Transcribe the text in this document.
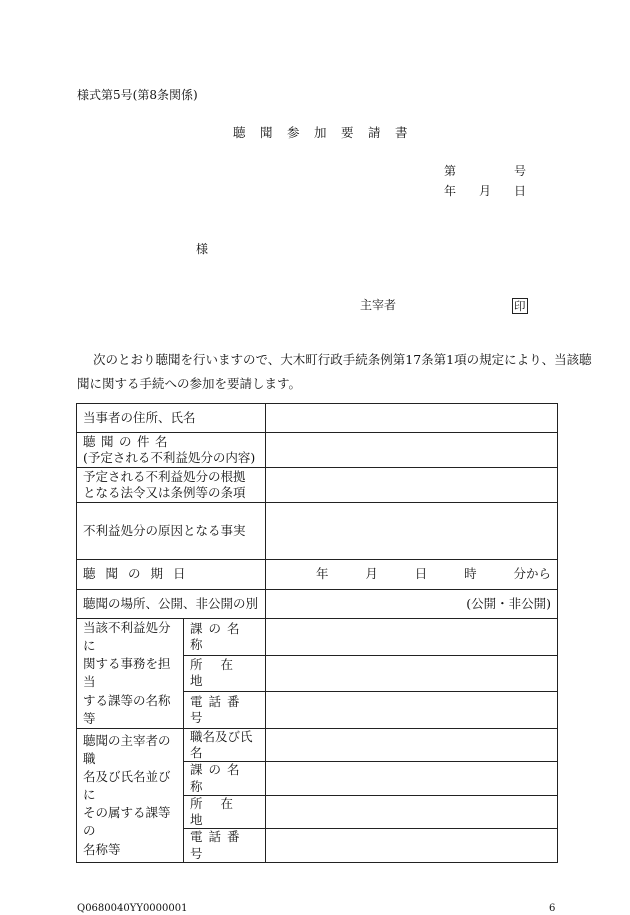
様式第5号(第8条関係)
聴　聞　参　加　要　請　書
第	号
年 月 日
様
主宰者	印
次のとおり聴聞を行いますので、大木町行政手続条例第17条第1項の規定により、当該聴
聞に関する手続への参加を要請します。
当事者の住所、氏名		

聴聞の件名
(予定される不利益処分の内容)		

予定される不利益処分の根拠
となる法令又は条例等の条項		

不利益処分の原因となる事実		
聴聞の期日		年 月 日 時 分から

聴聞の場所、公開、非公開の別		(公開・非公開)

当該不利益処分に
関する事務を担当
する課等の名称等	課の名称	
	所在地	
	電話番号	

聴聞の主宰者の職
名及び氏名並びに
その属する課等の
名称等	職名及び氏名	
	課の名称	
	所在地	
	電話番号	
Q0680040YY0000001	6
